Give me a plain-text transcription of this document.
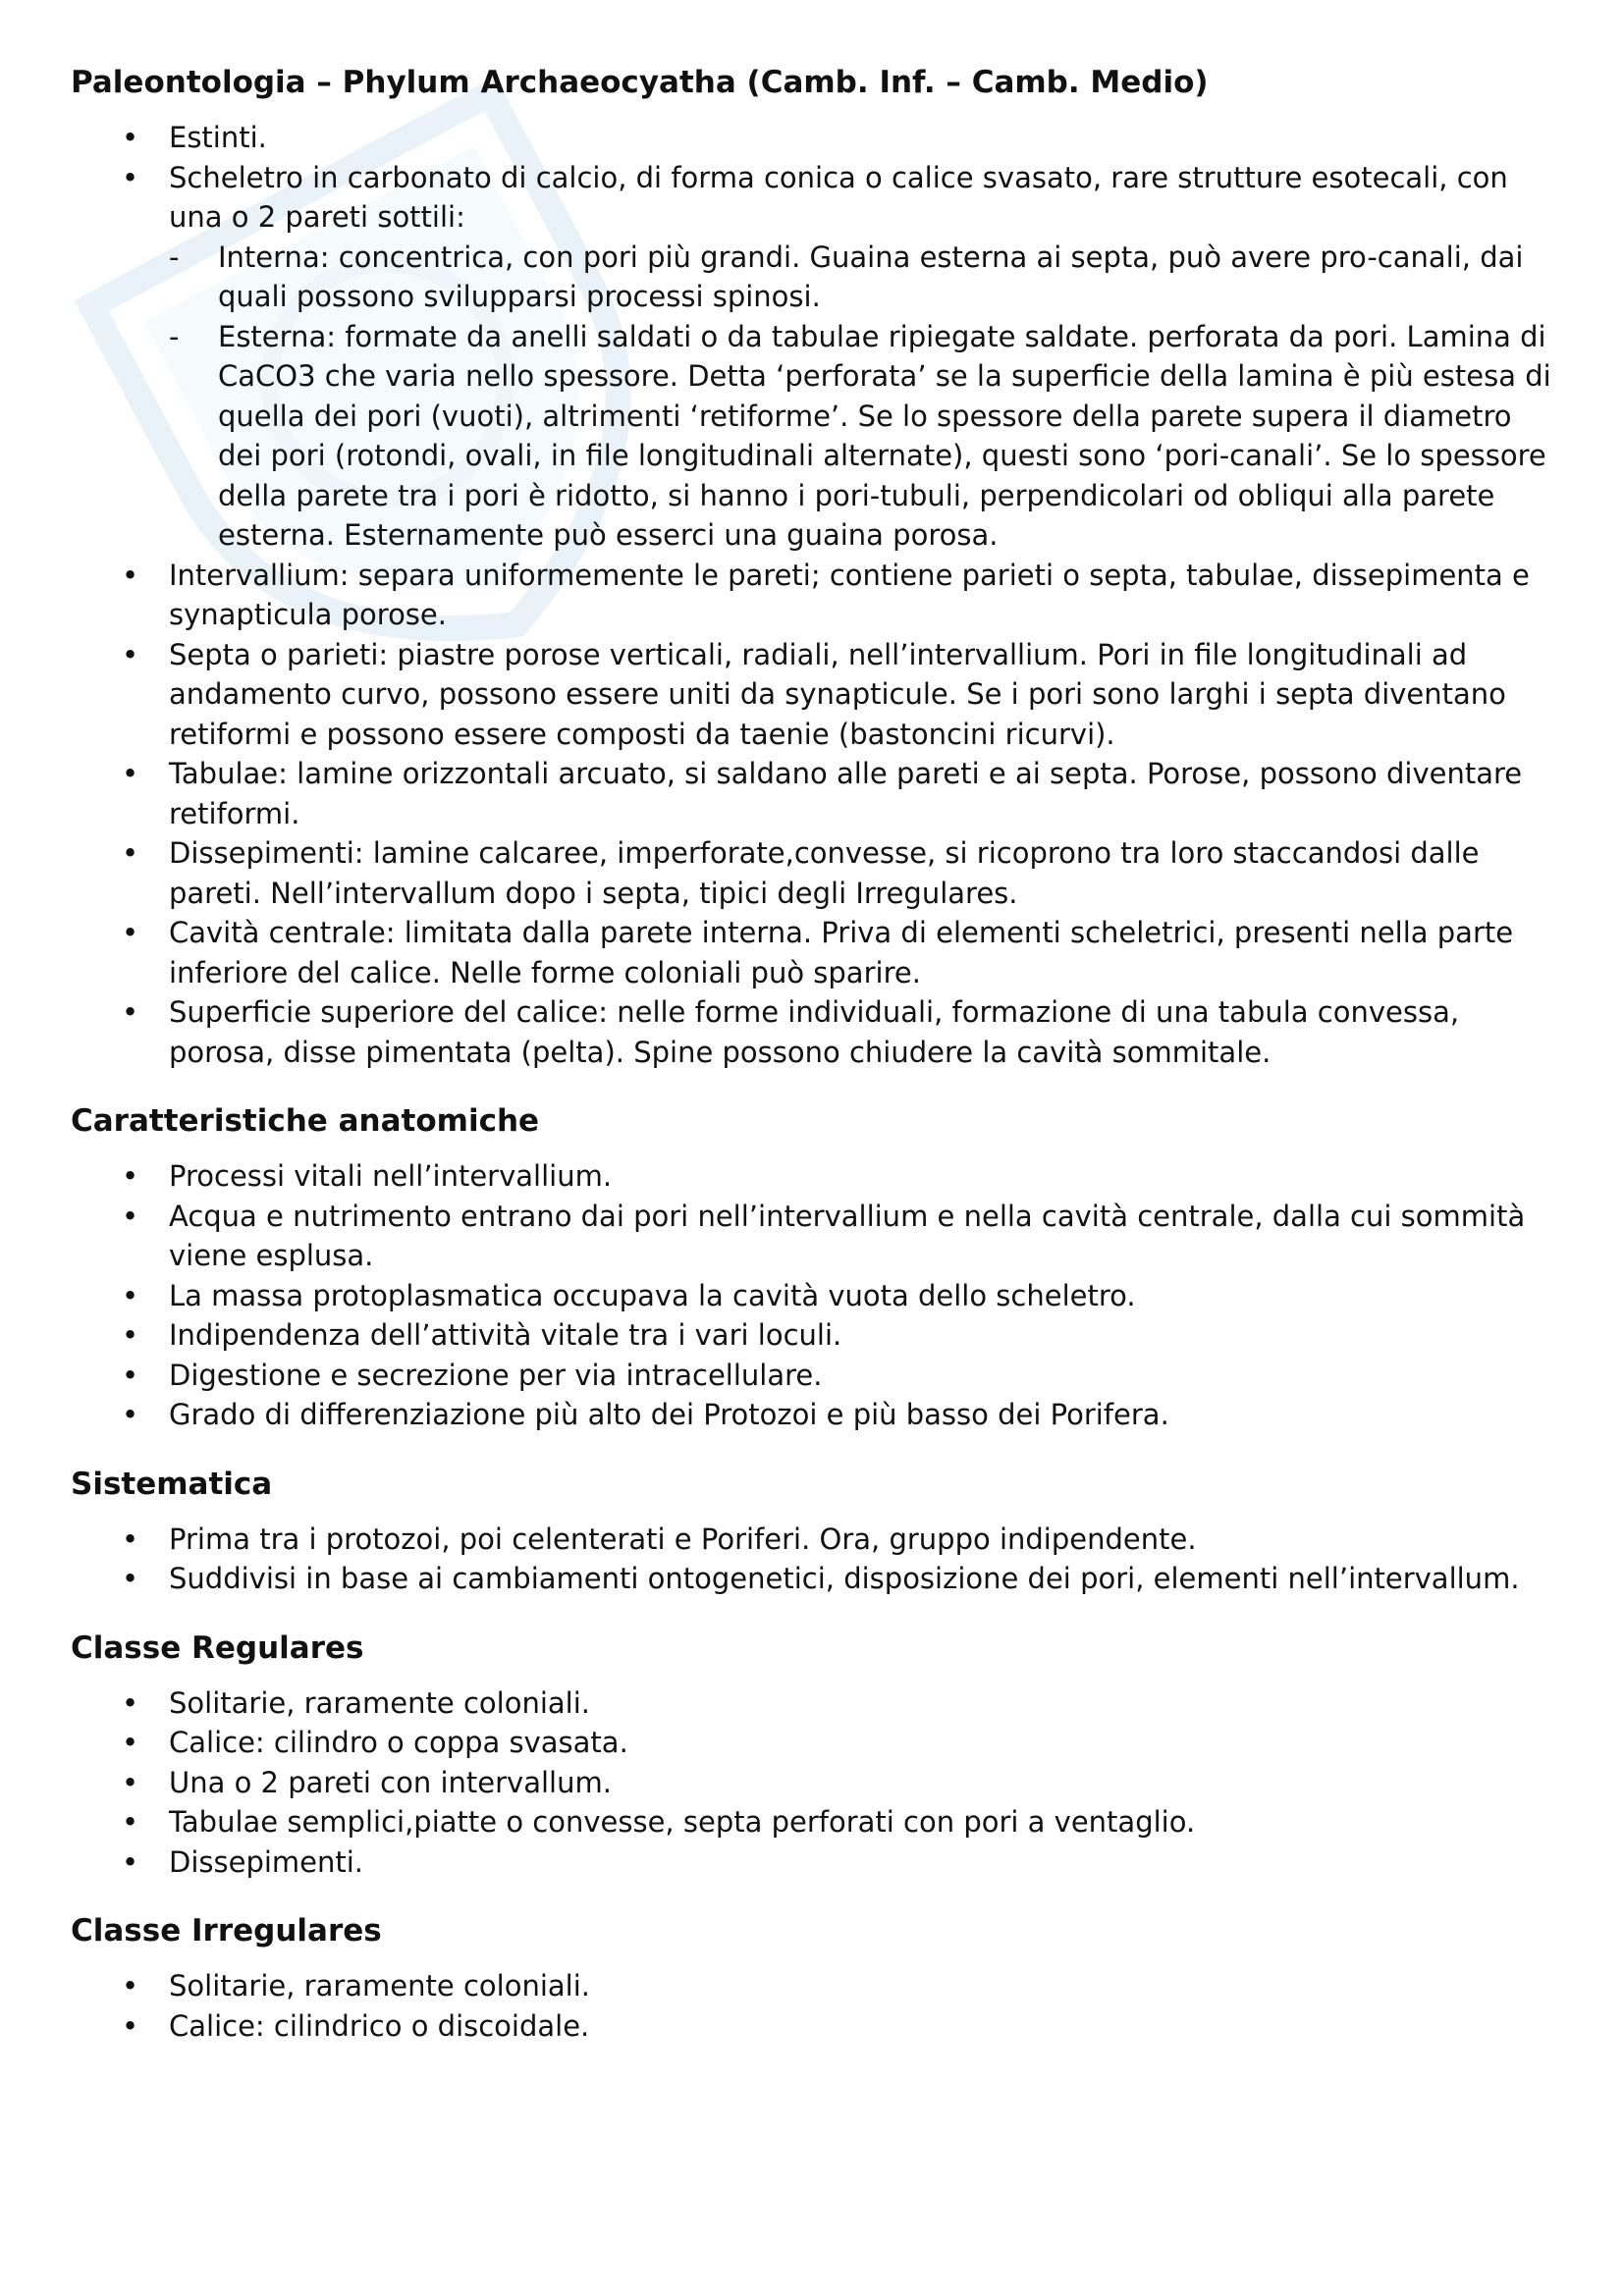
Paleontologia – Phylum Archaeocyatha (Camb. Inf. – Camb. Medio)
• Estinti.
• Scheletro in carbonato di calcio, di forma conica o calice svasato, rare strutture esotecali, con una o 2 pareti sottili:
- Interna: concentrica, con pori più grandi. Guaina esterna ai septa, può avere pro-canali, dai quali possono svilupparsi processi spinosi.
- Esterna: formate da anelli saldati o da tabulae ripiegate saldate. perforata da pori. Lamina di CaCO3 che varia nello spessore. Detta ‘perforata’ se la superficie della lamina è più estesa di quella dei pori (vuoti), altrimenti ‘retiforme’. Se lo spessore della parete supera il diametro dei pori (rotondi, ovali, in file longitudinali alternate), questi sono ‘pori-canali’. Se lo spessore della parete tra i pori è ridotto, si hanno i pori-tubuli, perpendicolari od obliqui alla parete esterna. Esternamente può esserci una guaina porosa.
• Intervallium: separa uniformemente le pareti; contiene parieti o septa, tabulae, dissepimenta e synapticula porose.
• Septa o parieti: piastre porose verticali, radiali, nell’intervallium. Pori in file longitudinali ad andamento curvo, possono essere uniti da synapticule. Se i pori sono larghi i septa diventano retiformi e possono essere composti da taenie (bastoncini ricurvi).
• Tabulae: lamine orizzontali arcuato, si saldano alle pareti e ai septa. Porose, possono diventare retiformi.
• Dissepimenti: lamine calcaree, imperforate,convesse, si ricoprono tra loro staccandosi dalle pareti. Nell’intervallum dopo i septa, tipici degli Irregulares.
• Cavità centrale: limitata dalla parete interna. Priva di elementi scheletrici, presenti nella parte inferiore del calice. Nelle forme coloniali può sparire.
• Superficie superiore del calice: nelle forme individuali, formazione di una tabula convessa, porosa, disse pimentata (pelta). Spine possono chiudere la cavità sommitale.
Caratteristiche anatomiche
• Processi vitali nell’intervallium.
• Acqua e nutrimento entrano dai pori nell’intervallium e nella cavità centrale, dalla cui sommità viene esplusa.
• La massa protoplasmatica occupava la cavità vuota dello scheletro.
• Indipendenza dell’attività vitale tra i vari loculi.
• Digestione e secrezione per via intracellulare.
• Grado di differenziazione più alto dei Protozoi e più basso dei Porifera.
Sistematica
• Prima tra i protozoi, poi celenterati e Poriferi. Ora, gruppo indipendente.
• Suddivisi in base ai cambiamenti ontogenetici, disposizione dei pori, elementi nell’intervallum.
Classe Regulares
• Solitarie, raramente coloniali.
• Calice: cilindro o coppa svasata.
• Una o 2 pareti con intervallum.
• Tabulae semplici,piatte o convesse, septa perforati con pori a ventaglio.
• Dissepimenti.
Classe Irregulares
• Solitarie, raramente coloniali.
• Calice: cilindrico o discoidale.
